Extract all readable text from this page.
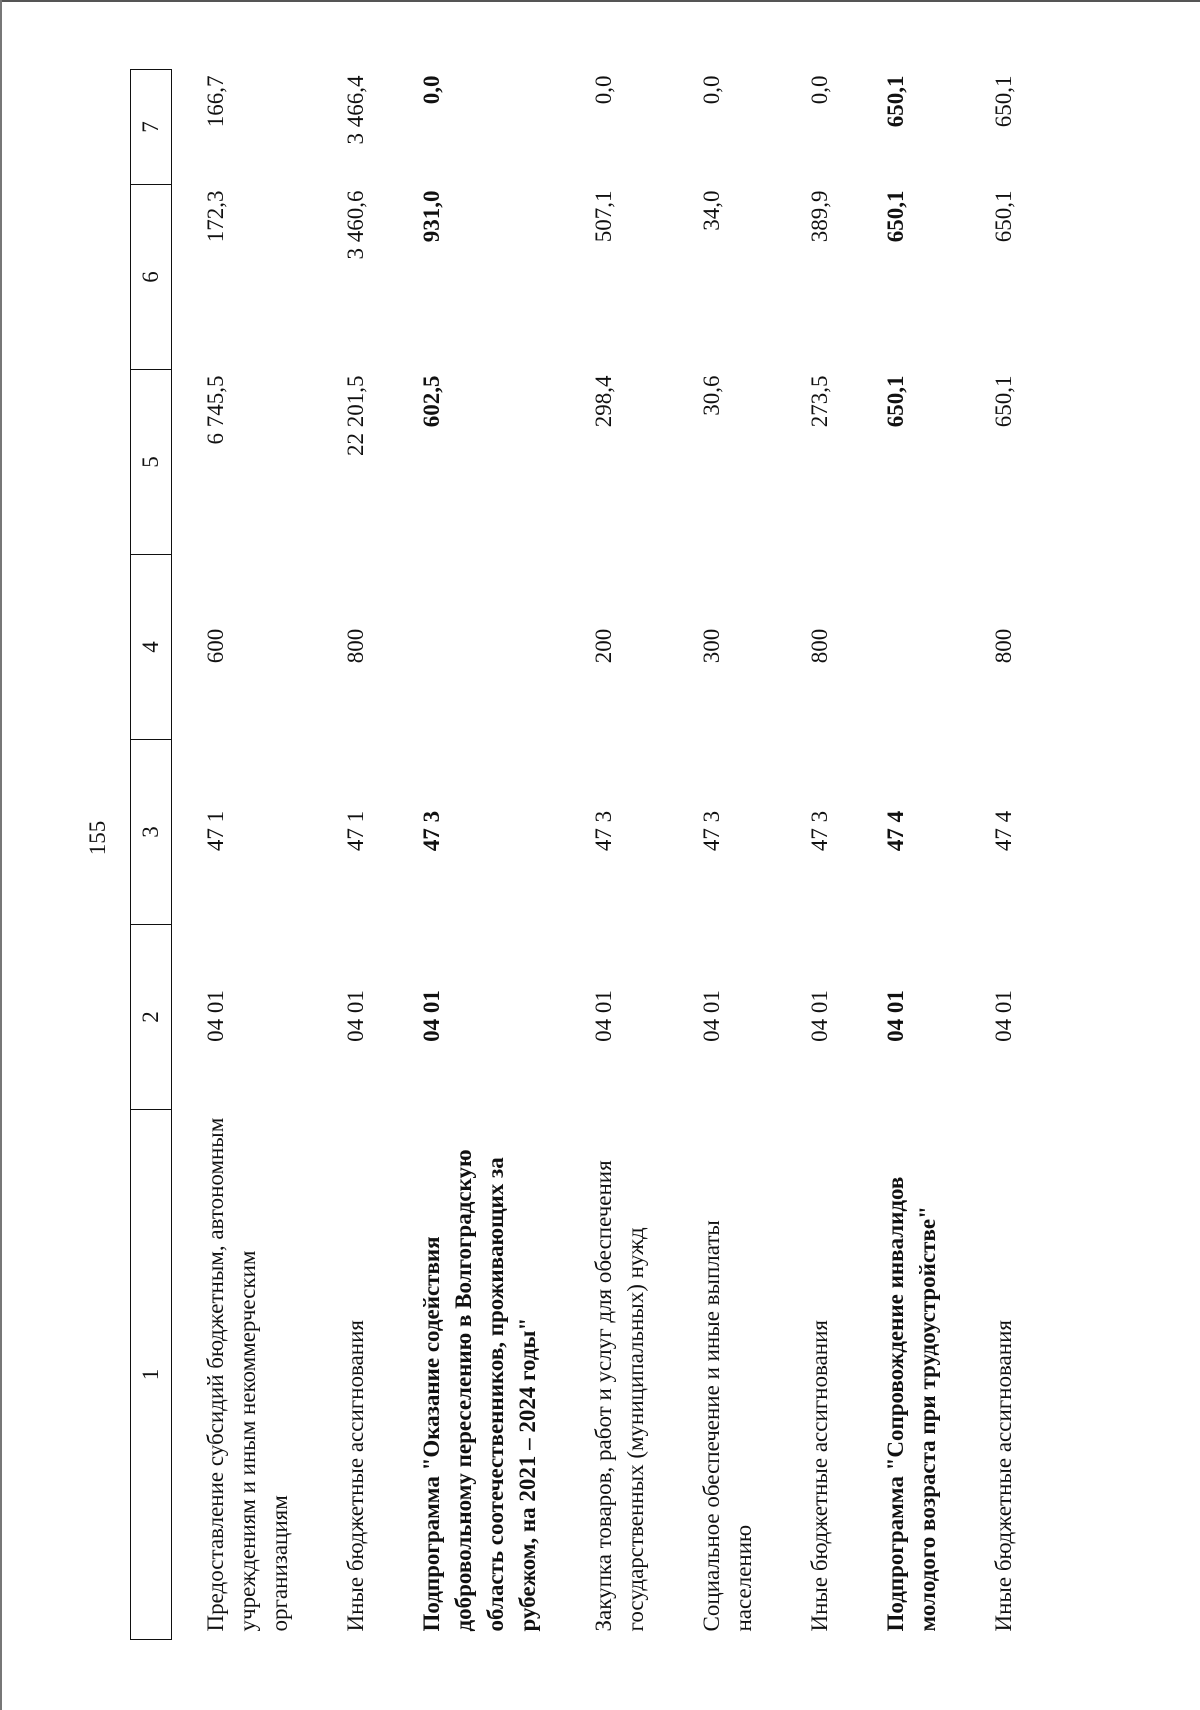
155
1	2	3	4	5	6	7
Предоставление субсидий бюджетным, автономным учреждениям и иным некоммерческим организациям	04 01	47 1	600	6 745,5	172,3	166,7
Иные бюджетные ассигнования	04 01	47 1	800	22 201,5	3 460,6	3 466,4
Подпрограмма "Оказание содействия добровольному переселению в Волгоградскую область соотечественников, проживающих за рубежом, на 2021 – 2024 годы"	04 01	47 3		602,5	931,0	0,0
Закупка товаров, работ и услуг для обеспечения государственных (муниципальных) нужд	04 01	47 3	200	298,4	507,1	0,0
Социальное обеспечение и иные выплаты населению	04 01	47 3	300	30,6	34,0	0,0
Иные бюджетные ассигнования	04 01	47 3	800	273,5	389,9	0,0
Подпрограмма "Сопровождение инвалидов молодого возраста при трудоустройстве"	04 01	47 4		650,1	650,1	650,1
Иные бюджетные ассигнования	04 01	47 4	800	650,1	650,1	650,1
